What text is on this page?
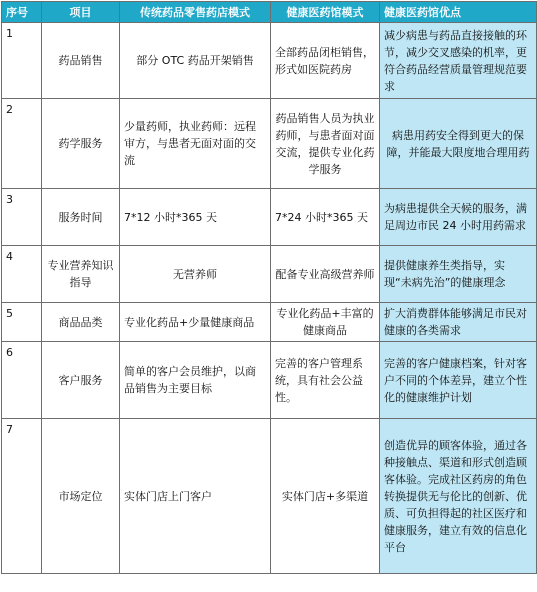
序号	项目	传统药品零售药店模式	健康医药馆模式	健康医药馆优点
1	药品销售	部分 OTC 药品开架销售	全部药品闭柜销售，形式如医院药房	减少病患与药品直接接触的环节，减少交叉感染的机率，更符合药品经营质量管理规范要求
2	药学服务	少量药师，执业药师：远程审方，与患者无面对面的交流	药品销售人员为执业药师，与患者面对面交流，提供专业化药学服务	病患用药安全得到更大的保障，并能最大限度地合理用药
3	服务时间	7*12 小时*365 天	7*24 小时*365 天	为病患提供全天候的服务，满足周边市民 24 小时用药需求
4	专业营养知识指导	无营养师	配备专业高级营养师	提供健康养生类指导，实现“未病先治”的健康理念
5	商品品类	专业化药品+少量健康商品	专业化药品+丰富的健康商品	扩大消费群体能够满足市民对健康的各类需求
6	客户服务	简单的客户会员维护，以商品销售为主要目标	完善的客户管理系统，具有社会公益性。	完善的客户健康档案，针对客户不同的个体差异，建立个性化的健康维护计划
7	市场定位	实体门店上门客户	实体门店+多渠道	创造优异的顾客体验，通过各种接触点、渠道和形式创造顾客体验。完成社区药房的角色转换提供无与伦比的创新、优质、可负担得起的社区医疗和健康服务，建立有效的信息化平台
